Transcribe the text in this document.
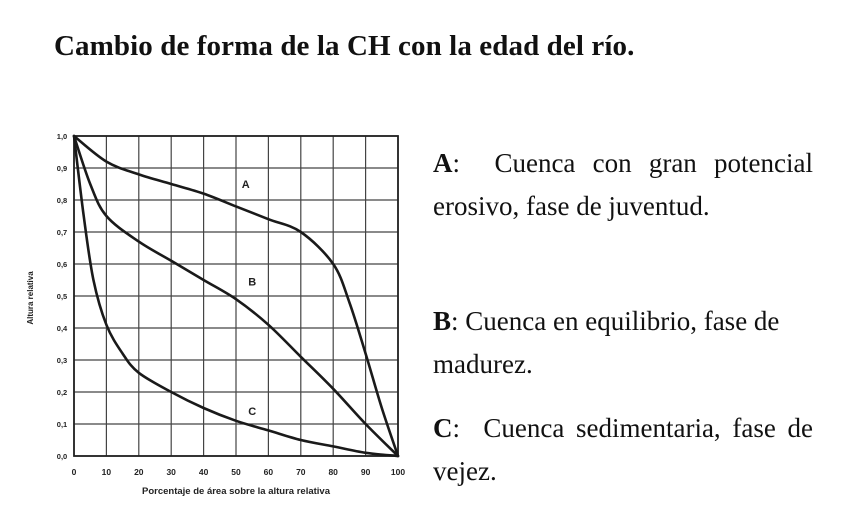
Cambio de forma de la CH con la edad del río.
A
B
C
0	10	20	30	40	50	60	70	80	90 100
0,0
0,1
0,2
0,3
0,4
0,5
0,6
0,7
0,8
0,9
1,0
Porcentaje de área sobre la altura relativa
Altura relativa
A:  Cuenca con gran potencial erosivo, fase de juventud.
B: Cuenca en equilibrio, fase de madurez.
C:  Cuenca sedimentaria, fase de vejez.
